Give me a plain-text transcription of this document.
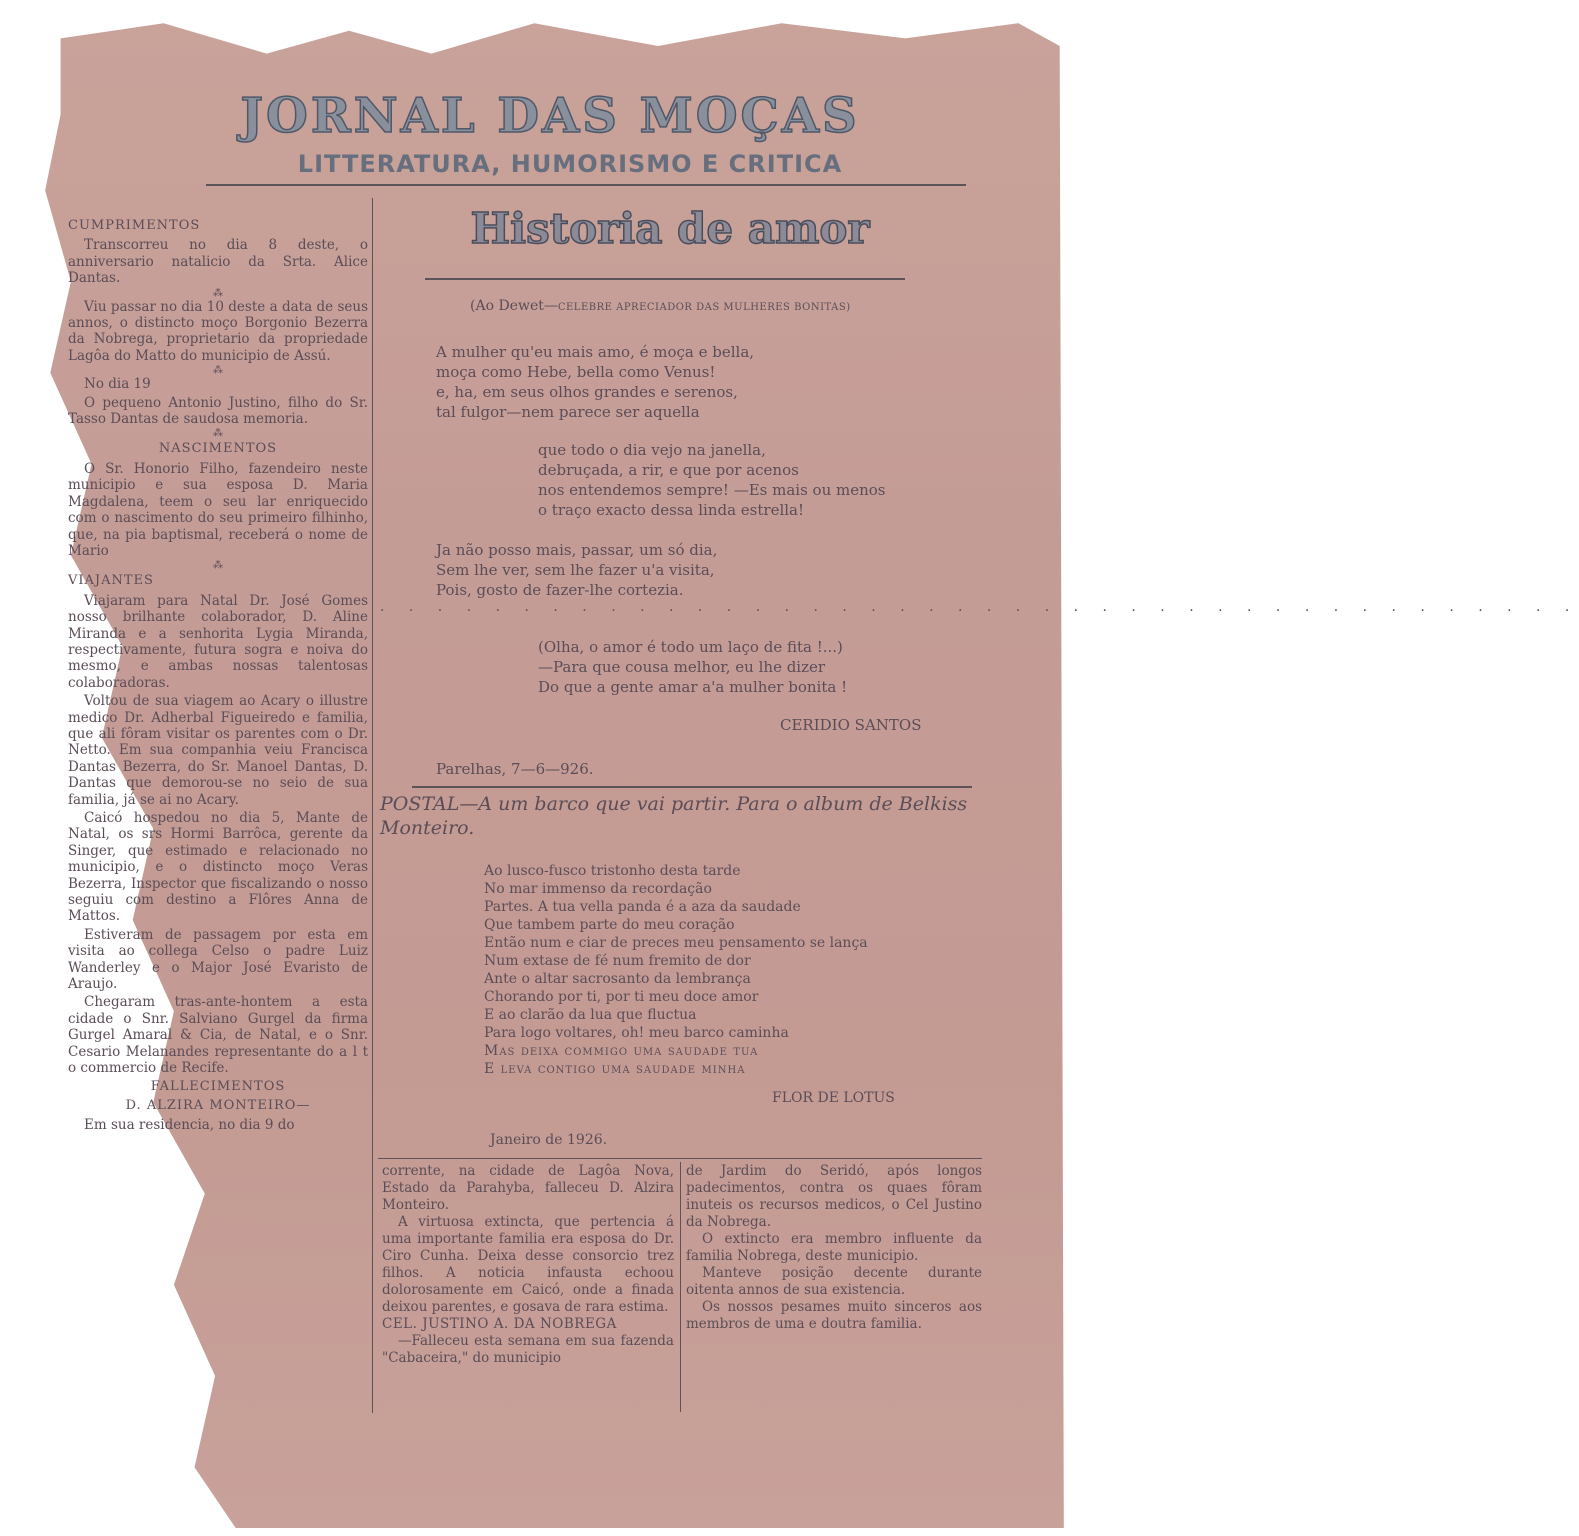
JORNAL DAS MOÇAS
LITTERATURA, HUMORISMO E CRITICA
CUMPRIMENTOS

Transcorreu no dia 8 deste, o anniversario natalicio da Srta. Alice Dantas.

⁂

Viu passar no dia 10 deste a data de seus annos, o distincto moço Borgonio Bezerra da Nobrega, proprietario da propriedade Lagôa do Matto do municipio de Assú.

⁂

No dia 19

O pequeno Antonio Justino, filho do Sr. Tasso Dantas de saudosa memoria.

⁂
NASCIMENTOS

O Sr. Honorio Filho, fazendeiro neste municipio e sua esposa D. Maria Magdalena, teem o seu lar enriquecido com o nascimento do seu primeiro filhinho, que, na pia baptismal, receberá o nome de Mario

⁂
VIAJANTES

Viajaram para Natal Dr. José Gomes nosso brilhante colaborador, D. Aline Miranda e a senhorita Lygia Miranda, respectivamente, futura sogra e noiva do mesmo, e ambas nossas talentosas colaboradoras.

Voltou de sua viagem ao Acary o illustre medico Dr. Adherbal Figueiredo e familia, que ali fôram visitar os parentes com o Dr. Netto. Em sua companhia veiu Francisca Dantas Bezerra, do Sr. Manoel Dantas, D. Dantas que demorou-se no seio de sua familia, já se ai no Acary.

Caicó hospedou no dia 5, Mante de Natal, os srs Hormi Barrôca, gerente da Singer, que estimado e relacionado no municipio, e o distincto moço Veras Bezerra, Inspector que fiscalizando o nosso seguiu com destino a Flôres Anna de Mattos.

Estiveram de passagem por esta em visita ao collega Celso o padre Luiz Wanderley e o Major José Evaristo de Araujo.

Chegaram tras-ante-hontem a esta cidade o Snr. Salviano Gurgel da firma Gurgel Amaral & Cia, de Natal, e o Snr. Cesario Melanandes representante do a l t o commercio de Recife.

FALLECIMENTOS
D. ALZIRA MONTEIRO—

Em sua residencia, no dia 9 do

Historia de amor
(Ao Dewet—CELEBRE APRECIADOR DAS MULHERES BONITAS)
A mulher qu'eu mais amo, é moça e bella,
moça como Hebe, bella como Venus!
e, ha, em seus olhos grandes e serenos,
tal fulgor—nem parece ser aquella
que todo o dia vejo na janella,
debruçada, a rir, e que por acenos
nos entendemos sempre! —Es mais ou menos
o traço exacto dessa linda estrella!
Ja não posso mais, passar, um só dia,
Sem lhe ver, sem lhe fazer u'a visita,
Pois, gosto de fazer-lhe cortezia.
· · · · · · · · · · · · · · · · · · · · · · · · · · · · · · · · · · · · · · · · · ·
(Olha, o amor é todo um laço de fita !...)
—Para que cousa melhor, eu lhe dizer
Do que a gente amar a'a mulher bonita !
CERIDIO SANTOS
Parelhas, 7—6—926.
POSTAL—A um barco que vai partir. Para o album de Belkiss Monteiro.
Ao lusco-fusco tristonho desta tarde
No mar immenso da recordação
Partes. A tua vella panda é a aza da saudade
Que tambem parte do meu coração
Então num e ciar de preces meu pensamento se lança
Num extase de fé num fremito de dor
Ante o altar sacrosanto da lembrança
Chorando por ti, por ti meu doce amor
E ao clarão da lua que fluctua
Para logo voltares, oh! meu barco caminha
Mas deixa commigo uma saudade tua
E leva contigo uma saudade minha
FLOR DE LOTUS
Janeiro de 1926.

corrente, na cidade de Lagôa Nova, Estado da Parahyba, falleceu D. Alzira Monteiro.

A virtuosa extincta, que pertencia á uma importante familia era esposa do Dr. Ciro Cunha. Deixa desse consorcio trez filhos. A noticia infausta echoou dolorosamente em Caicó, onde a finada deixou parentes, e gosava de rara estima.

CEL. JUSTINO A. DA NOBREGA

—Falleceu esta semana em sua fazenda "Cabaceira," do municipio

de Jardim do Seridó, após longos padecimentos, contra os quaes fôram inuteis os recursos medicos, o Cel Justino da Nobrega.

O extincto era membro influente da familia Nobrega, deste municipio.

Manteve posição decente durante oitenta annos de sua existencia.

Os nossos pesames muito sinceros aos membros de uma e doutra familia.
